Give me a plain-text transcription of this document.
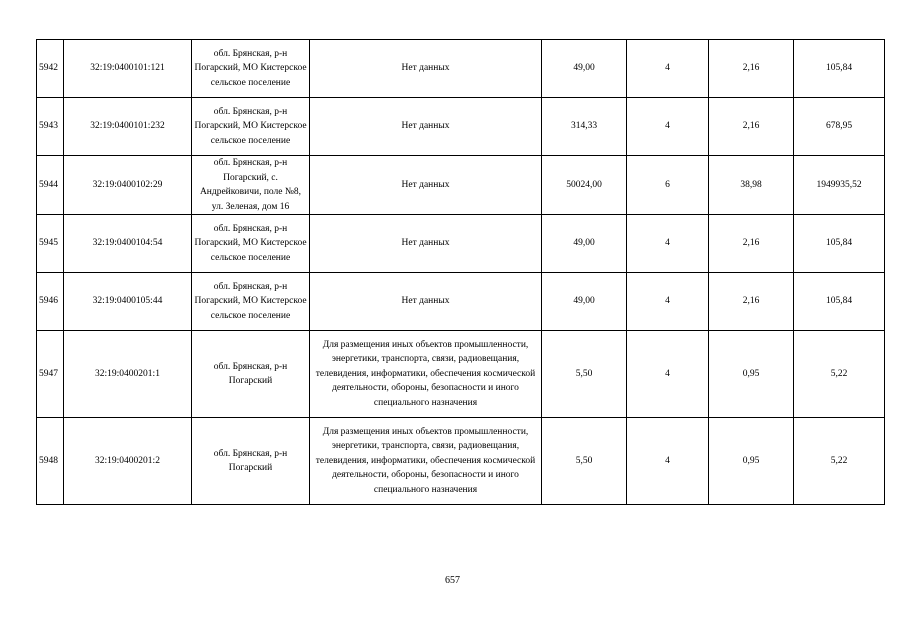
5942	32:19:0400101:121	обл. Брянская, р-н Погарский, МО Кистерское сельское поселение	Нет данных	49,00	4	2,16	105,84
5943	32:19:0400101:232	обл. Брянская, р-н Погарский, МО Кистерское сельское поселение	Нет данных	314,33	4	2,16	678,95
5944	32:19:0400102:29	обл. Брянская, р-н Погарский, с. Андрейковичи, поле №8, ул. Зеленая, дом 16	Нет данных	50024,00	6	38,98	1949935,52
5945	32:19:0400104:54	обл. Брянская, р-н Погарский, МО Кистерское сельское поселение	Нет данных	49,00	4	2,16	105,84
5946	32:19:0400105:44	обл. Брянская, р-н Погарский, МО Кистерское сельское поселение	Нет данных	49,00	4	2,16	105,84
5947	32:19:0400201:1	обл. Брянская, р-н Погарский	Для размещения иных объектов промышленности, энергетики, транспорта, связи, радиовещания, телевидения, информатики, обеспечения космической деятельности, обороны, безопасности и иного специального назначения	5,50	4	0,95	5,22
5948	32:19:0400201:2	обл. Брянская, р-н Погарский	Для размещения иных объектов промышленности, энергетики, транспорта, связи, радиовещания, телевидения, информатики, обеспечения космической деятельности, обороны, безопасности и иного специального назначения	5,50	4	0,95	5,22
657
